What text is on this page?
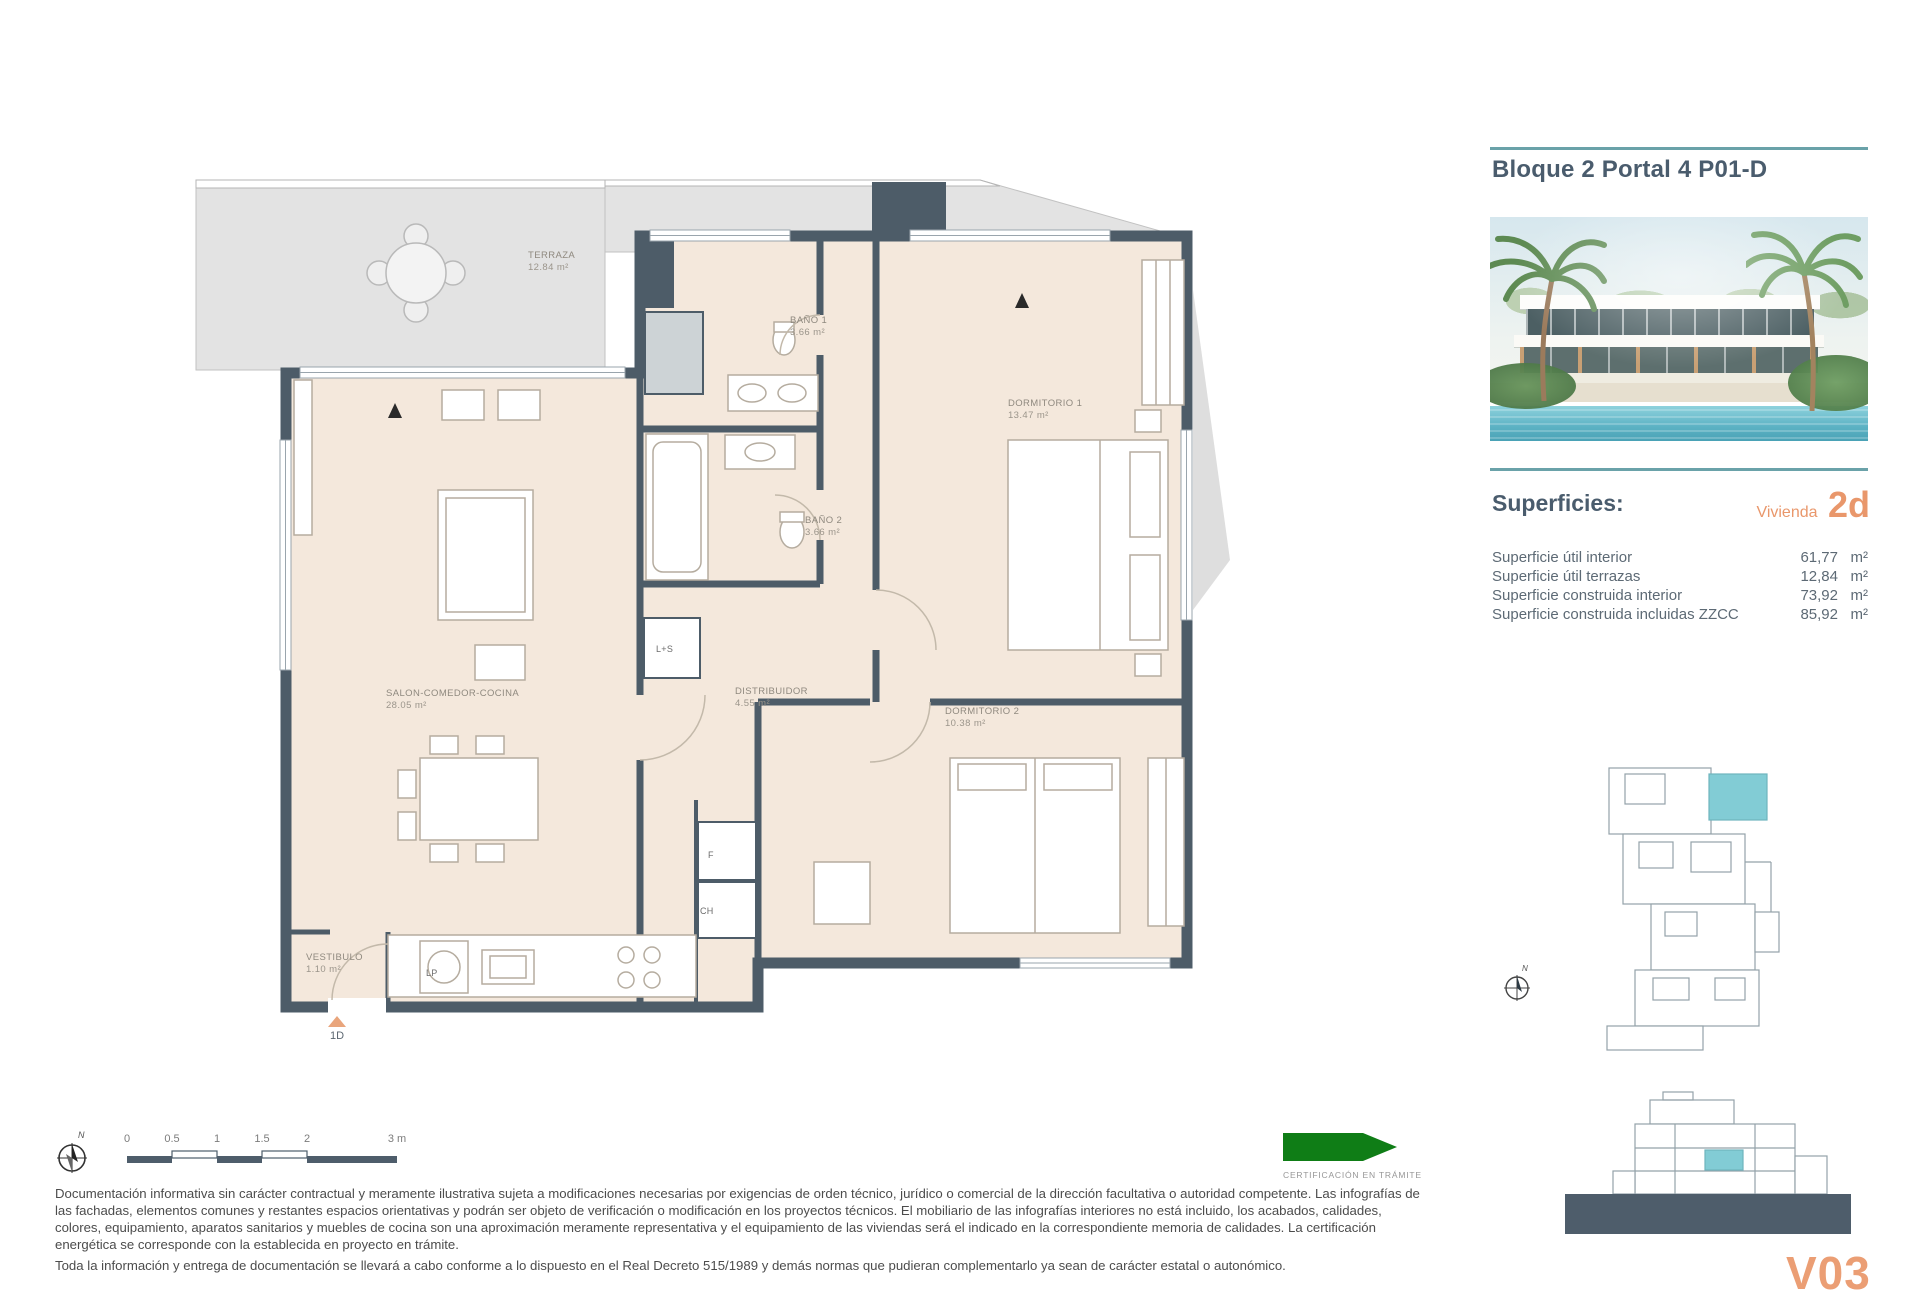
TERRAZA
12.84 m²
BAÑO 1
3.66 m²
DORMITORIO 1
13.47 m²
BAÑO 2
3.66 m²
SALON-COMEDOR-COCINA
28.05 m²
DISTRIBUIDOR
4.55 m²
DORMITORIO 2
10.38 m²
VESTIBULO
1.10 m²
L+S
F
CH
LP
1D
Bloque 2 Portal 4 P01-D
Superficies:	Vivienda 2d
Superficie útil interior	61,77 m²
Superficie útil terrazas	12,84 m²
Superficie construida interior	73,92 m²
Superficie construida incluidas ZZCC	85,92 m²
N
V03
N	0	0.5	1	1.5	2	3 m
CERTIFICACIÓN EN TRÁMITE
Documentación informativa sin carácter contractual y meramente ilustrativa sujeta a modificaciones necesarias por exigencias de orden técnico, jurídico o comercial de la dirección facultativa o autoridad competente. Las infografías de las fachadas, elementos comunes y restantes espacios orientativas y podrán ser objeto de verificación o modificación en los proyectos técnicos. El mobiliario de las infografías interiores no está incluido, los acabados, calidades, colores, equipamiento, aparatos sanitarios y muebles de cocina son una aproximación meramente representativa y el equipamiento de las viviendas será el indicado en la correspondiente memoria de calidades. La certificación energética se corresponde con la establecida en proyecto en trámite.
Toda la información y entrega de documentación se llevará a cabo conforme a lo dispuesto en el Real Decreto 515/1989 y demás normas que pudieran complementarlo ya sean de carácter estatal o autonómico.
